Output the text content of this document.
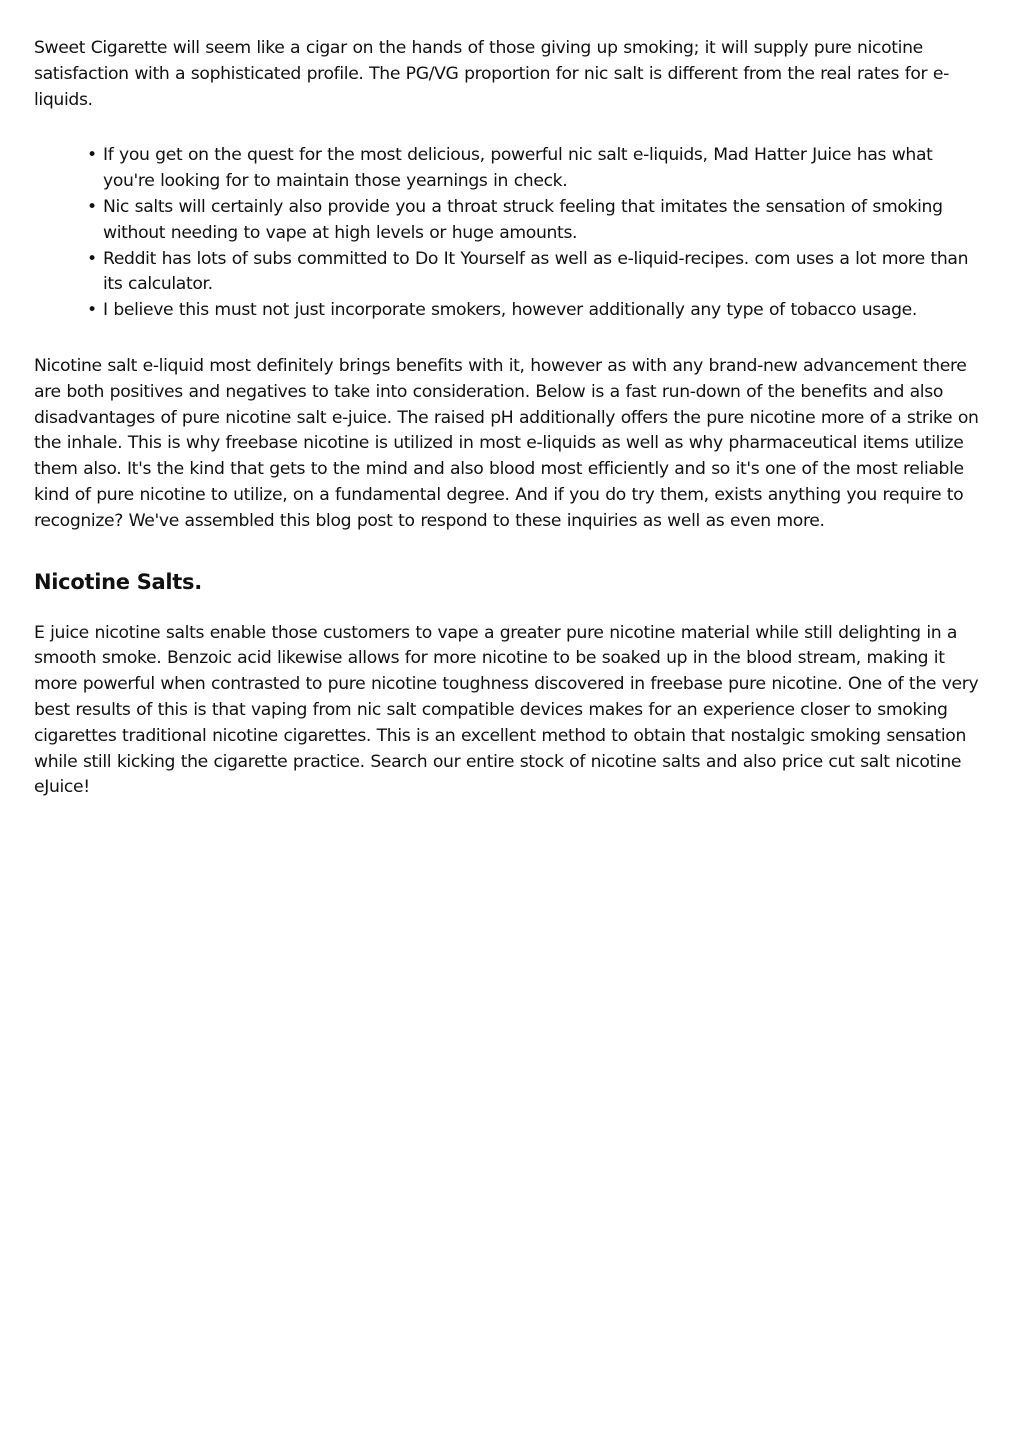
Sweet Cigarette will seem like a cigar on the hands of those giving up smoking; it will supply pure nicotine satisfaction with a sophisticated profile. The PG/VG proportion for nic salt is different from the real rates for e-liquids.

• If you get on the quest for the most delicious, powerful nic salt e-liquids, Mad Hatter Juice has what you're looking for to maintain those yearnings in check.
• Nic salts will certainly also provide you a throat struck feeling that imitates the sensation of smoking without needing to vape at high levels or huge amounts.
• Reddit has lots of subs committed to Do It Yourself as well as e-liquid-recipes. com uses a lot more than its calculator.
• I believe this must not just incorporate smokers, however additionally any type of tobacco usage.

Nicotine salt e-liquid most definitely brings benefits with it, however as with any brand-new advancement there are both positives and negatives to take into consideration. Below is a fast run-down of the benefits and also disadvantages of pure nicotine salt e-juice. The raised pH additionally offers the pure nicotine more of a strike on the inhale. This is why freebase nicotine is utilized in most e-liquids as well as why pharmaceutical items utilize them also. It's the kind that gets to the mind and also blood most efficiently and so it's one of the most reliable kind of pure nicotine to utilize, on a fundamental degree. And if you do try them, exists anything you require to recognize? We've assembled this blog post to respond to these inquiries as well as even more.

Nicotine Salts.

E juice nicotine salts enable those customers to vape a greater pure nicotine material while still delighting in a smooth smoke. Benzoic acid likewise allows for more nicotine to be soaked up in the blood stream, making it more powerful when contrasted to pure nicotine toughness discovered in freebase pure nicotine. One of the very best results of this is that vaping from nic salt compatible devices makes for an experience closer to smoking cigarettes traditional nicotine cigarettes. This is an excellent method to obtain that nostalgic smoking sensation while still kicking the cigarette practice. Search our entire stock of nicotine salts and also price cut salt nicotine eJuice!
